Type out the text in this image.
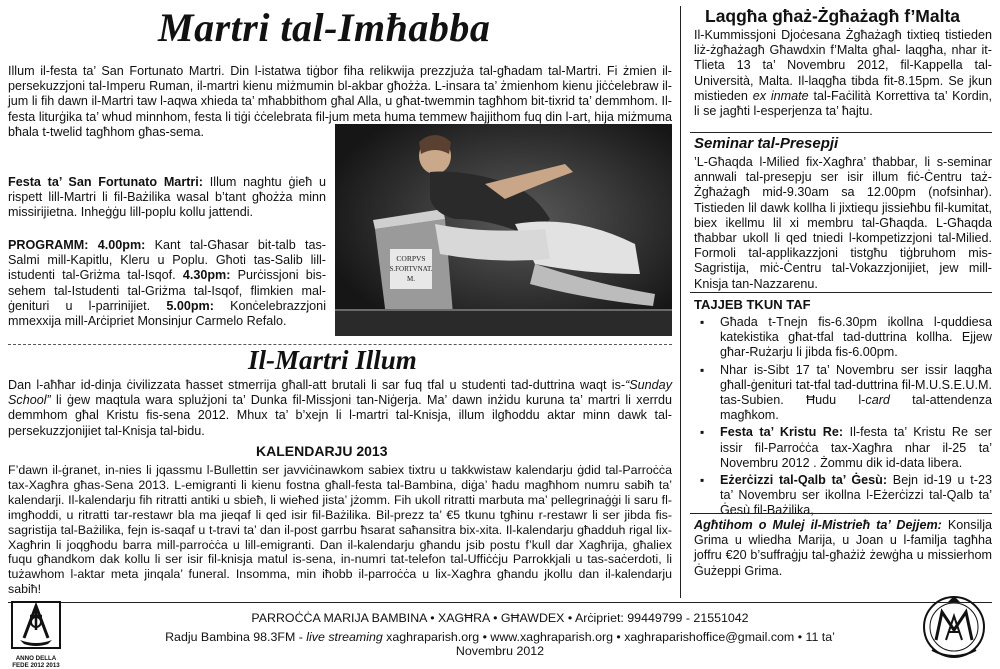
Martri tal-Imħabba

Illum il-festa ta’ San Fortunato Martri. Din l-istatwa tiġbor fiha relikwija prezzjuża tal-għadam tal-Martri. Fi żmien il-persekuzzjoni tal-Imperu Ruman, il-martri kienu miżmumin bl-akbar għożża. L-insara ta’ żmienhom kienu jiċċelebraw il-jum li fih dawn il-Martri taw l-aqwa xhieda ta’ mħabbithom għal Alla, u għat-twemmin tagħhom bit-tixrid ta’ demmhom. Il-festa liturġika ta’ whud minnhom, festa li tiġi ċċelebrata fil-jum meta huma temmew ħajjithom fuq din l-art, hija miżmuma bħala t-twelid tagħhom għas-sema.

Festa ta’ San Fortunato Martri: Illum naghtu ġieħ u rispett lill-Martri li fil-Bażilika wasal b’tant għożża minn missirijietna. Inheġġu lill-poplu kollu jattendi.
PROGRAMM: 4.00pm: Kant tal-Għasar bit-talb tas-Salmi mill-Kapitlu, Kleru u Poplu. Għoti tas-Salib lill-istudenti tal-Griżma tal-Isqof. 4.30pm: Purċissjoni bis-sehem tal-Istudenti tal-Griżma tal-Isqof, flimkien mal-ġenituri u l-parrinijiet. 5.00pm: Konċelebrazzjoni mmexxija mill-Arċipriet Monsinjur Carmelo Refalo.
CORPVS
S.FORTVNAT.
M.
Il-Martri Illum

Dan l-aħħar id-dinja ċivilizzata ħasset stmerrija għall-att brutali li sar fuq tfal u studenti tad-duttrina waqt is-“Sunday School” li ġew maqtula wara splużjoni ta’ Dunka fil-Missjoni tan-Niġerja. Ma’ dawn inżidu kuruna ta’ martri li xerrdu demmhom għal Kristu fis-sena 2012. Mhux ta’ b’xejn li l-martri tal-Knisja, illum ilgħoddu aktar minn dawk tal-persekuzzjonijiet tal-Knisja tal-bidu.

KALENDARJU 2013

F’dawn il-ġranet, in-nies li jqassmu l-Bullettin ser javviċinawkom sabiex tixtru u takkwistaw kalendarju ġdid tal-Parroċċa tax-Xagħra għas-Sena 2013. L-emigranti li kienu fostna għall-festa tal-Bambina, diġa’ ħadu magħhom numru sabiħ ta’ kalendarji. Il-kalendarju fih ritratti antiki u sbieħ, li wieħed jista’ jżomm. Fih ukoll ritratti marbuta ma’ pellegrinaġġi li saru fl-imgħoddi, u ritratti tar-restawr bla ma jieqaf li qed isir fil-Bażilika. Bil-prezz ta’ €5 tkunu tgħinu r-restawr li ser jibda fis-sagristija tal-Bażilika, fejn is-saqaf u t-travi ta’ dan il-post garrbu ħsarat saħansitra bix-xita. Il-kalendarju għadduh rigal lix-Xagħrin li joqgħodu barra mill-parroċċa u lill-emigranti. Dan il-kalendarju għandu jsib postu f’kull dar Xagħrija, għaliex fuqu għandkom dak kollu li ser isir fil-knisja matul is-sena, in-numri tat-telefon tal-Uffiċċju Parrokkjali u tas-saċerdoti, li tużawhom l-aktar meta jinqala’ funeral. Insomma, min iħobb il-parroċċa u lix-Xagħra għandu jkollu dan il-kalendarju sabiħ!

Laqgħa għaż-Żgħażagħ f’Malta

Il-Kummissjoni Djoċesana Żgħażagħ tixtieq tistieden liż-żgħażagħ Għawdxin f’Malta għal- laqgħa, nhar it-Tlieta 13 ta’ Novembru 2012, fil-Kappella tal-Università, Malta. Il-laqgħa tibda fit-8.15pm. Se jkun mistieden ex inmate tal-Faċilità Korrettiva ta’ Kordin, li se jagħti l-esperjenza ta’ ħajtu.

Seminar tal-Presepji

’L-Għaqda l-Milied fix-Xagħra’ tħabbar, li s-seminar annwali tal-presepju ser isir illum fiċ-Ċentru taż-Żgħażagħ mid-9.30am sa 12.00pm (nofsinhar). Tistieden lil dawk kollha li jixtiequ jissieħbu fil-kumitat, biex ikellmu lil xi membru tal-Għaqda. L-Għaqda tħabbar ukoll li qed tniedi l-kompetizzjoni tal-Milied. Formoli tal-applikazzjoni tistgħu tiġbruhom mis-Sagristija, miċ-Ċentru tal-Vokazzjonijiet, jew mill-Knisja tan-Nazzarenu.

TAJJEB TKUN TAF
▪ Għada t-Tnejn fis-6.30pm ikollna l-quddiesa katekistika għat-tfal tad-duttrina kollha. Ejjew għar-Rużarju li jibda fis-6.00pm.
▪ Nhar is-Sibt 17 ta’ Novembru ser issir laqgħa għall-ġenituri tat-tfal tad-duttrina fil-M.U.S.E.U.M. tas-Subien. Ħudu l-card tal-attendenza magħkom.
▪ Festa ta’ Kristu Re: Il-festa ta’ Kristu Re ser issir fil-Parroċċa tax-Xagħra nhar il-25 ta’ Novembru 2012 . Żommu dik id-data libera.
▪ Eżerċizzi tal-Qalb ta’ Ġesù: Bejn id-19 u t-23 ta’ Novembru ser ikollna l-Eżerċizzi tal-Qalb ta’ Ġesù fil-Bażilika,

Agħtihom o Mulej il-Mistrieħ ta’ Dejjem: Konsilja Grima u wliedha Marija, u Joan u l-familja tagħha joffru €20 b’suffraġju tal-għażiż żewġha u missierhom Ġużeppi Grima.

ANNO DELLA FEDE 2012 2013
PARROĊĊA MARIJA BAMBINA • XAGĦRA • GĦAWDEX • Arċipriet: 99449799 - 21551042
Radju Bambina 98.3FM - live streaming xaghraparish.org • www.xaghraparish.org • xaghraparishoffice@gmail.com • 11 ta’ Novembru 2012
